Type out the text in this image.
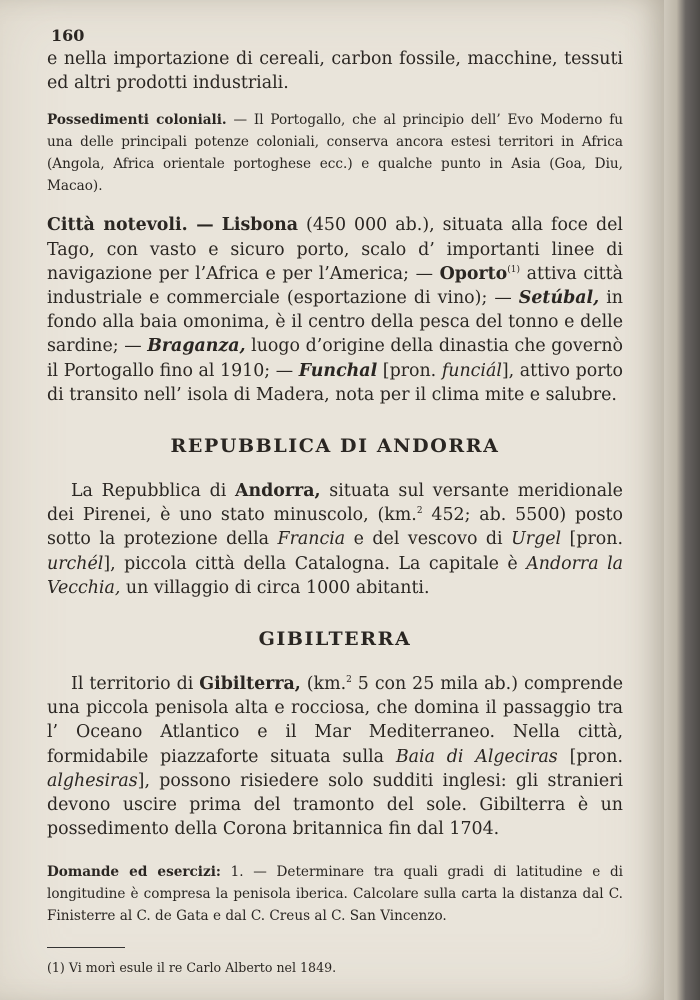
160

e nella importazione di cereali, carbon fossile, macchine, tessuti ed altri prodotti industriali.

Possedimenti coloniali. — Il Portogallo, che al principio dell’ Evo Moderno fu una delle principali potenze coloniali, conserva ancora estesi territori in Africa (Angola, Africa orientale portoghese ecc.) e qualche punto in Asia (Goa, Diu, Macao).

Città notevoli. — Lisbona (450 000 ab.), situata alla foce del Tago, con vasto e sicuro porto, scalo d’ importanti linee di navigazione per l’Africa e per l’America; — Oporto$^{(1)}$ attiva città industriale e commerciale (esportazione di vino); — Setúbal, in fondo alla baia omonima, è il centro della pesca del tonno e delle sardine; — Braganza, luogo d’origine della dinastia che governò il Portogallo fino al 1910; — Funchal [pron. funciál], attivo porto di transito nell’ isola di Madera, nota per il clima mite e salubre.

REPUBBLICA DI ANDORRA

La Repubblica di Andorra, situata sul versante meridionale dei Pirenei, è uno stato minuscolo, (km.$^2$ 452; ab. 5500) posto sotto la protezione della Francia e del vescovo di Urgel [pron. urchél], piccola città della Catalogna. La capitale è Andorra la Vecchia, un villaggio di circa 1000 abitanti.

GIBILTERRA

Il territorio di Gibilterra, (km.$^2$ 5 con 25 mila ab.) comprende una piccola penisola alta e rocciosa, che domina il passaggio tra l’ Oceano Atlantico e il Mar Mediterraneo. Nella città, formidabile piazzaforte situata sulla Baia di Algeciras [pron. alghesiras], possono risiedere solo sudditi inglesi: gli stranieri devono uscire prima del tramonto del sole. Gibilterra è un possedimento della Corona britannica fin dal 1704.

Domande ed esercizi: 1. — Determinare tra quali gradi di latitudine e di longitudine è compresa la penisola iberica. Calcolare sulla carta la distanza dal C. Finisterre al C. de Gata e dal C. Creus al C. San Vincenzo.

(1) Vi morì esule il re Carlo Alberto nel 1849.
